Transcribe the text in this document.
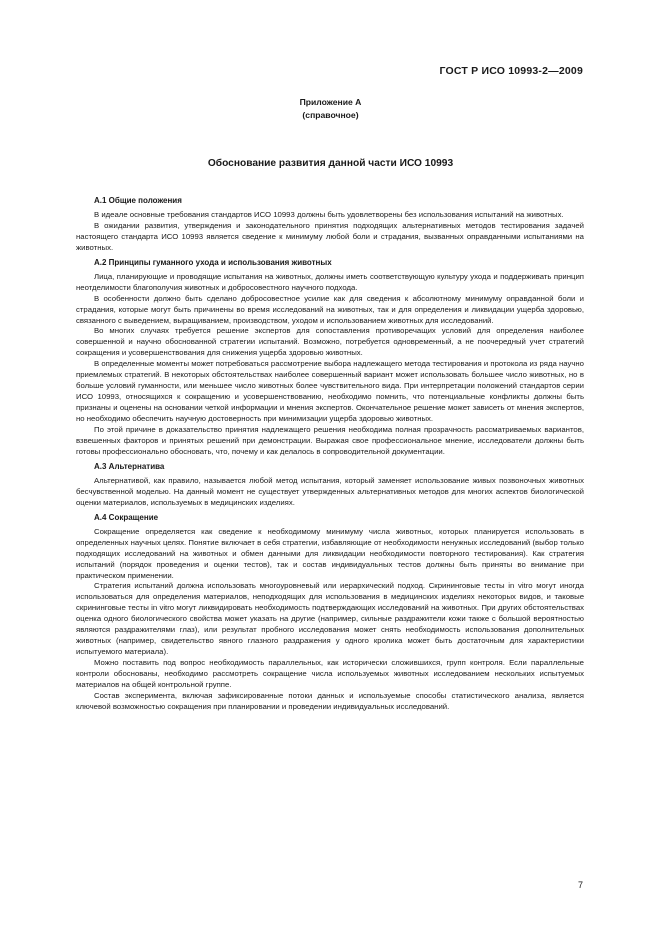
ГОСТ Р ИСО 10993-2—2009
Приложение А
(справочное)
Обоснование развития данной части ИСО 10993
А.1 Общие положения

В идеале основные требования стандартов ИСО 10993 должны быть удовлетворены без использования испытаний на животных.

В ожидании развития, утверждения и законодательного принятия подходящих альтернативных методов тестирования задачей настоящего стандарта ИСО 10993 является сведение к минимуму любой боли и страдания, вызванных оправданными испытаниями на животных.

А.2 Принципы гуманного ухода и использования животных

Лица, планирующие и проводящие испытания на животных, должны иметь соответствующую культуру ухода и поддерживать принцип неотделимости благополучия животных и добросовестного научного подхода.

В особенности должно быть сделано добросовестное усилие как для сведения к абсолютному минимуму оправданной боли и страдания, которые могут быть причинены во время исследований на животных, так и для определения и ликвидации ущерба здоровью, связанного с выведением, выращиванием, производством, уходом и использованием животных для исследований.

Во многих случаях требуется решение экспертов для сопоставления противоречащих условий для определения наиболее совершенной и научно обоснованной стратегии испытаний. Возможно, потребуется одновременный, а не поочередный учет стратегий сокращения и усовершенствования для снижения ущерба здоровью животных.

В определенные моменты может потребоваться рассмотрение выбора надлежащего метода тестирования и протокола из ряда научно приемлемых стратегий. В некоторых обстоятельствах наиболее совершенный вариант может использовать большее число животных, но в больше условий гуманности, или меньшее число животных более чувствительного вида. При интерпретации положений стандартов серии ИСО 10993, относящихся к сокращению и усовершенствованию, необходимо помнить, что потенциальные конфликты должны быть признаны и оценены на основании четкой информации и мнения экспертов. Окончательное решение может зависеть от мнения экспертов, но необходимо обеспечить научную достоверность при минимизации ущерба здоровью животных.

По этой причине в доказательство принятия надлежащего решения необходима полная прозрачность рассматриваемых вариантов, взвешенных факторов и принятых решений при демонстрации. Выражая свое профессиональное мнение, исследователи должны быть готовы профессионально обосновать, что, почему и как делалось в сопроводительной документации.

А.3 Альтернатива

Альтернативой, как правило, называется любой метод испытания, который заменяет использование живых позвоночных животных бесчувственной моделью. На данный момент не существует утвержденных альтернативных методов для многих аспектов биологической оценки материалов, используемых в медицинских изделиях.

А.4 Сокращение

Сокращение определяется как сведение к необходимому минимуму числа животных, которых планируется использовать в определенных научных целях. Понятие включает в себя стратегии, избавляющие от необходимости ненужных исследований (выбор только подходящих исследований на животных и обмен данными для ликвидации необходимости повторного тестирования). Как стратегия испытаний (порядок проведения и оценки тестов), так и состав индивидуальных тестов должны быть приняты во внимание при практическом применении.

Стратегия испытаний должна использовать многоуровневый или иерархический подход. Скрининговые тесты in vitro могут иногда использоваться для определения материалов, неподходящих для использования в медицинских изделиях некоторых видов, и таковые скрининговые тесты in vitro могут ликвидировать необходимость подтверждающих исследований на животных. При других обстоятельствах оценка одного биологического свойства может указать на другие (например, сильные раздражители кожи также с большой вероятностью являются раздражителями глаз), или результат пробного исследования может снять необходимость использования дополнительных животных (например, свидетельство явного глазного раздражения у одного кролика может быть достаточным для характеристики испытуемого материала).

Можно поставить под вопрос необходимость параллельных, как исторически сложившихся, групп контроля. Если параллельные контроли обоснованы, необходимо рассмотреть сокращение числа используемых животных исследованием нескольких испытуемых материалов на общей контрольной группе.

Состав эксперимента, включая зафиксированные потоки данных и используемые способы статистического анализа, является ключевой возможностью сокращения при планировании и проведении индивидуальных исследований.

7
